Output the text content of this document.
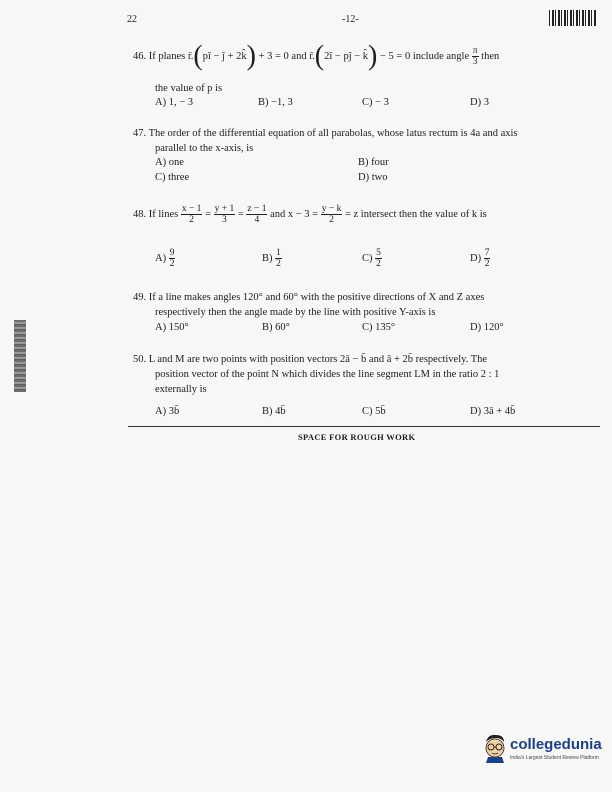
22	-12-
46. If planes r̄.(pî − ĵ + 2k̂) + 3 = 0 and r̄.(2î − pĵ − k̂) − 5 = 0 include angle $\frac{\pi}{3}$ then
the value of p is
A) 1, − 3	B) −1, 3	C) − 3	D) 3
47. The order of the differential equation of all parabolas, whose latus rectum is 4a and axis
parallel to the x-axis, is
A) one	B) four
C) three	D) two
48. If lines $\frac{x - 1}{2} = \frac{y + 1}{3} = \frac{z - 1}{4}$ and $x - 3 = \frac{y - k}{2} = z$ intersect then the value of k is
$A) \frac{9}{2}$	$B) \frac{1}{2}$	$C) \frac{5}{2}$	$D) \frac{7}{2}$
49. If a line makes angles 120° and 60° with the positive directions of X and Z axes
respectively then the angle made by the line with positive Y-axis is
A) 150°	B) 60°	C) 135°	D) 120°
50. L and M are two points with position vectors 2ā − b̄ and ā + 2b̄ respectively. The
position vector of the point N which divides the line segment LM in the ratio 2 : 1
externally is
A) 3b̄	B) 4b̄	C) 5b̄	D) 3ā + 4b̄
SPACE FOR ROUGH WORK
collegedunia
India's Largest Student Review Platform
